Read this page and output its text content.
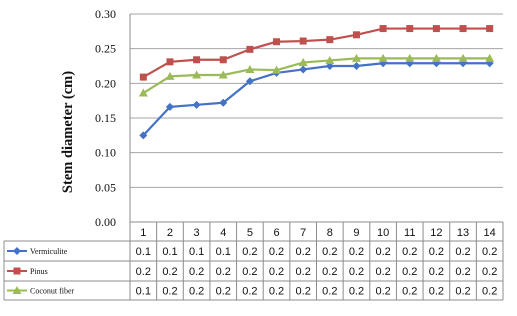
0.00
0.05
0.10
0.15
0.20
0.25
0.30
Stem diameter (cm)
1 2 3 4 5 6 7 8 9 10 11 12 13 14
0.1 0.1 0.1 0.1 0.2 0.2 0.2 0.2 0.2 0.2 0.2 0.2 0.2 0.2
0.2 0.2 0.2 0.2 0.2 0.2 0.2 0.2 0.2 0.2 0.2 0.2 0.2 0.2
0.1 0.2 0.2 0.2 0.2 0.2 0.2 0.2 0.2 0.2 0.2 0.2 0.2 0.2
Vermiculite
Pinus
Coconut fiber
